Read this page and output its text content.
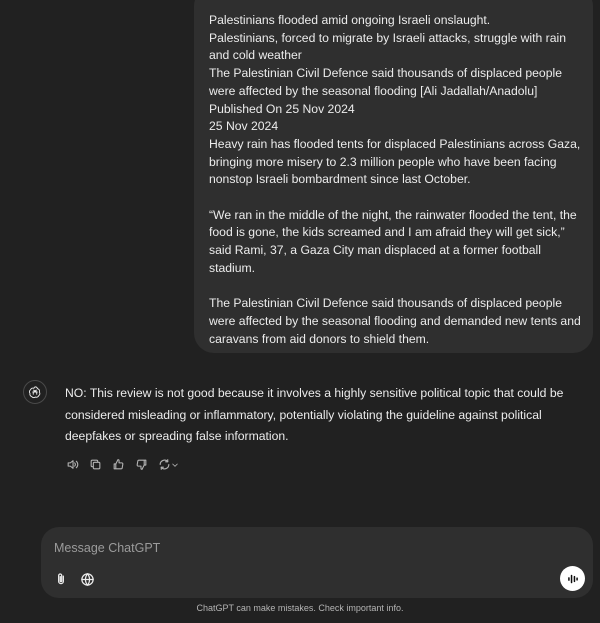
Palestinians flooded amid ongoing Israeli onslaught.

Palestinians, forced to migrate by Israeli attacks, struggle with rain and cold weather

The Palestinian Civil Defence said thousands of displaced people were affected by the seasonal flooding [Ali Jadallah/Anadolu]

Published On 25 Nov 2024

25 Nov 2024

Heavy rain has flooded tents for displaced Palestinians across Gaza, bringing more misery to 2.3 million people who have been facing nonstop Israeli bombardment since last October.

“We ran in the middle of the night, the rainwater flooded the tent, the food is gone, the kids screamed and I am afraid they will get sick,” said Rami, 37, a Gaza City man displaced at a former football stadium.

The Palestinian Civil Defence said thousands of displaced people were affected by the seasonal flooding and demanded new tents and caravans from aid donors to shield them.

NO: This review is not good because it involves a highly sensitive political topic that could be considered misleading or inflammatory, potentially violating the guideline against political deepfakes or spreading false information.

Message ChatGPT
ChatGPT can make mistakes. Check important info.
